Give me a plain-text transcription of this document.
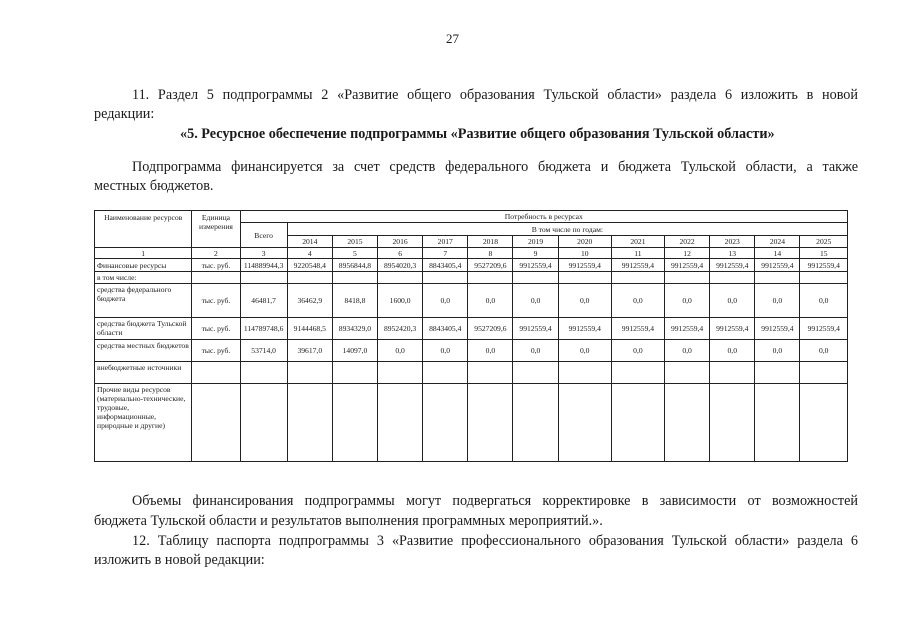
27

11. Раздел 5 подпрограммы 2 «Развитие общего образования Тульской области» раздела 6 изложить в новой

редакции:

«5. Ресурсное обеспечение подпрограммы «Развитие общего образования Тульской области»

Подпрограмма финансируется за счет средств федерального бюджета и бюджета Тульской области, а также

местных бюджетов.

Наименование ресурсов	Единица измерения	Потребность в ресурсах												
		Всего	В том числе по годам:											
			2014	2015	2016	2017	2018	2019	2020	2021	2022	2023	2024	2025
1	2	3	4	5	6	7	8	9	10	11	12	13	14	15
Финансовые ресурсы	тыс. руб.	114889944,3	9220548,4	8956844,8	8954020,3	8843405,4	9527209,6	9912559,4	9912559,4	9912559,4	9912559,4	9912559,4	9912559,4	9912559,4
в том числе:														
средства федерального бюджета	тыс. руб.	46481,7	36462,9	8418,8	1600,0	0,0	0,0	0,0	0,0	0,0	0,0	0,0	0,0	0,0
средства бюджета Тульской области	тыс. руб.	114789748,6	9144468,5	8934329,0	8952420,3	8843405,4	9527209,6	9912559,4	9912559,4	9912559,4	9912559,4	9912559,4	9912559,4	9912559,4
средства местных бюджетов	тыс. руб.	53714,0	39617,0	14097,0	0,0	0,0	0,0	0,0	0,0	0,0	0,0	0,0	0,0	0,0
внебюджетные источники														
Прочие виды ресурсов (материально-технические, трудовые, информационные, природные и другие)														

Объемы финансирования подпрограммы могут подвергаться корректировке в зависимости от возможностей

бюджета Тульской области и результатов выполнения программных мероприятий.».

12. Таблицу паспорта подпрограммы 3 «Развитие профессионального образования Тульской области» раздела 6

изложить в новой редакции:
